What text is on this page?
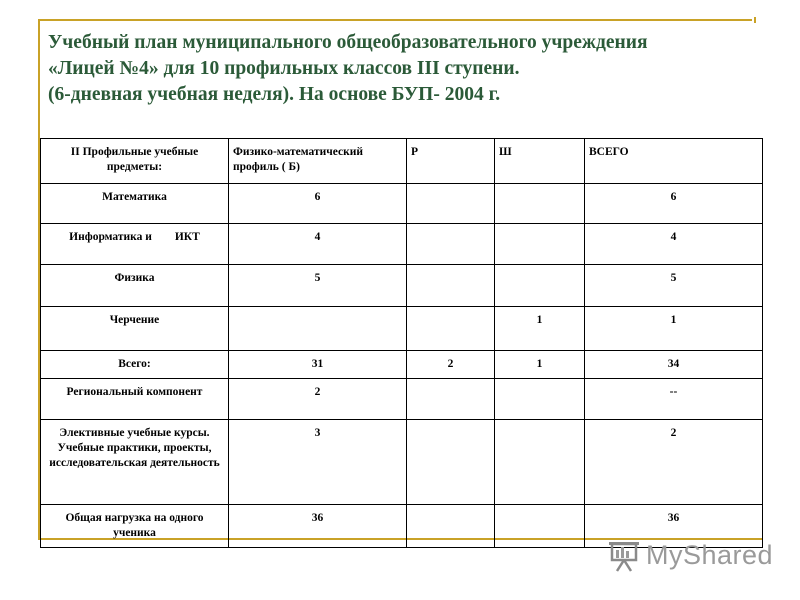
Учебный план муниципального общеобразовательного учреждения
«Лицей №4» для 10 профильных классов III ступени.
(6-дневная учебная неделя). На основе БУП- 2004 г.
II Профильные учебные предметы:	Физико-математический профиль ( Б)	Р	Ш	ВСЕГО
Математика	6			6
Информатика и        ИКТ	4			4
Физика	5			5
Черчение			1	1
Всего:	31	2	1	34
Региональный компонент	2			--
Элективные учебные курсы. Учебные практики, проекты, исследовательская деятельность	3			2
Общая нагрузка на одного ученика	36			36
MyShared
